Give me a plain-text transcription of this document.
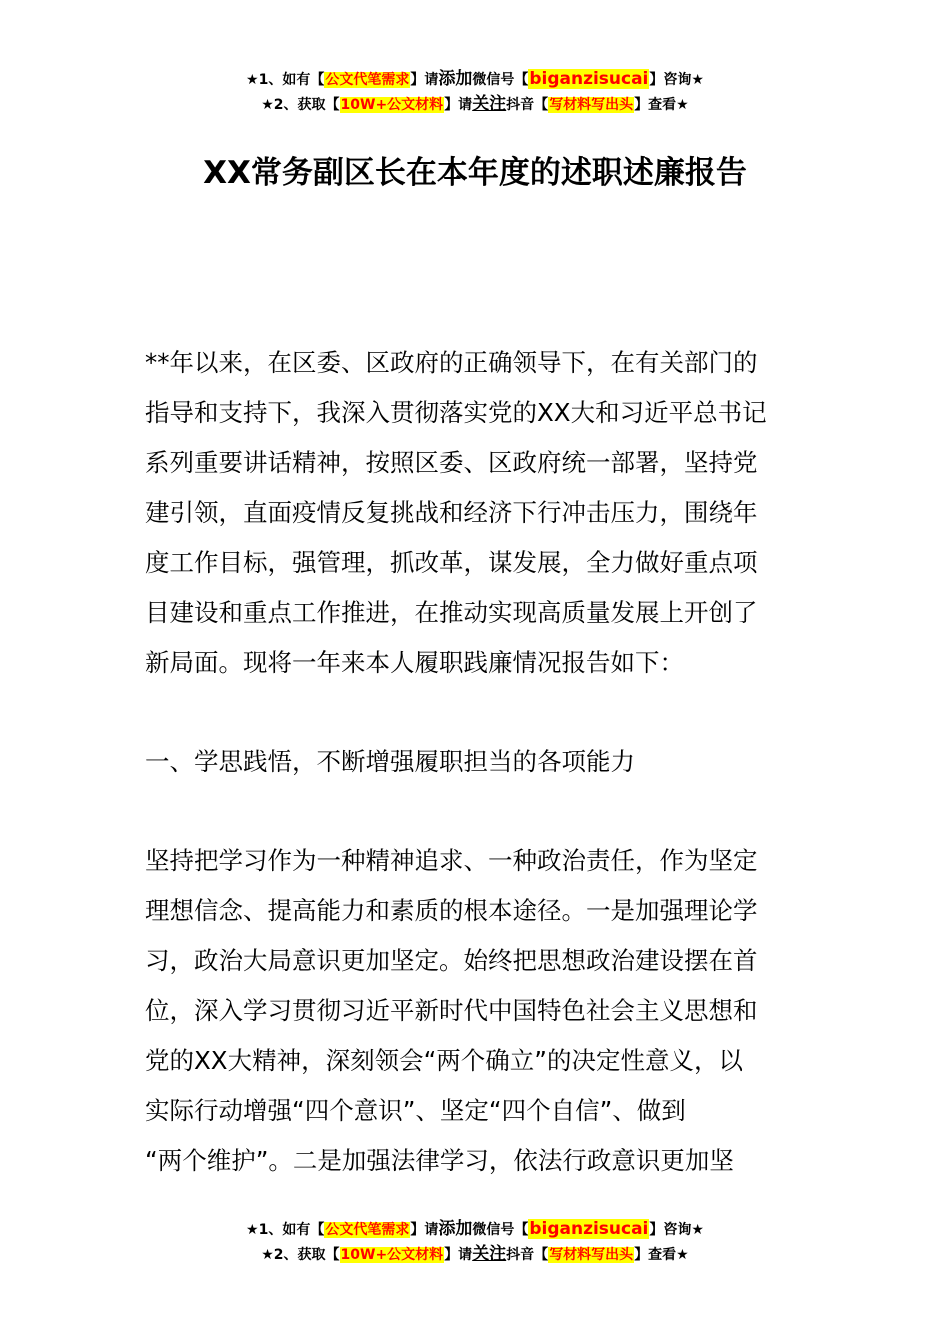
★1、如有【公文代笔需求】请添加微信号【biganzisucai】咨询★
★2、获取【10W+公文材料】请关注抖音【写材料写出头】查看★
XX常务副区长在本年度的述职述廉报告
**年以来，在区委、区政府的正确领导下，在有关部门的
指导和支持下，我深入贯彻落实党的XX大和习近平总书记
系列重要讲话精神，按照区委、区政府统一部署，坚持党
建引领，直面疫情反复挑战和经济下行冲击压力，围绕年
度工作目标，强管理，抓改革，谋发展，全力做好重点项
目建设和重点工作推进，在推动实现高质量发展上开创了
新局面。现将一年来本人履职践廉情况报告如下：
一、学思践悟，不断增强履职担当的各项能力
坚持把学习作为一种精神追求、一种政治责任，作为坚定
理想信念、提高能力和素质的根本途径。一是加强理论学
习，政治大局意识更加坚定。始终把思想政治建设摆在首
位，深入学习贯彻习近平新时代中国特色社会主义思想和
党的XX大精神，深刻领会“两个确立”的决定性意义，以
实际行动增强“四个意识”、坚定“四个自信”、做到
“两个维护”。二是加强法律学习，依法行政意识更加坚
★1、如有【公文代笔需求】请添加微信号【biganzisucai】咨询★
★2、获取【10W+公文材料】请关注抖音【写材料写出头】查看★
